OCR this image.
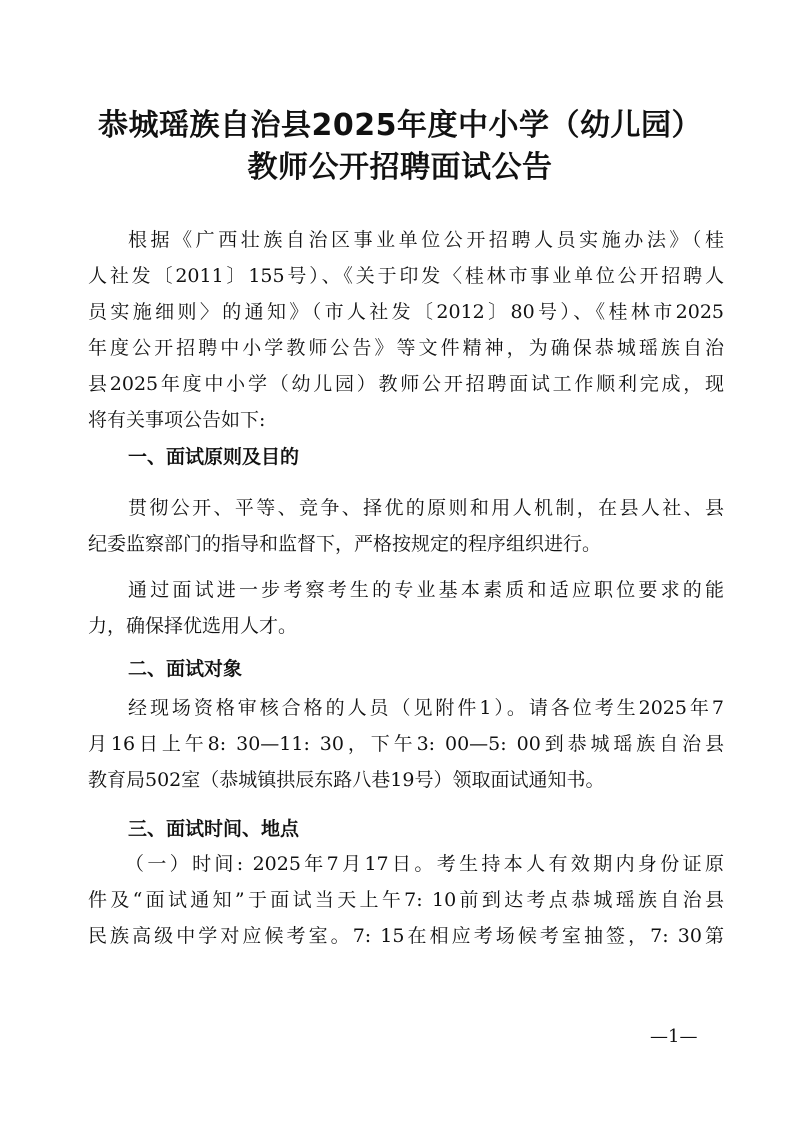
恭城瑶族自治县2025年度中小学（幼儿园）
教师公开招聘面试公告
根据《广西壮族自治区事业单位公开招聘人员实施办法》（桂
人社发〔2011〕155号）、《关于印发〈桂林市事业单位公开招聘人
员实施细则〉的通知》（市人社发〔2012〕80号）、《桂林市2025
年度公开招聘中小学教师公告》等文件精神，为确保恭城瑶族自治
县2025年度中小学（幼儿园）教师公开招聘面试工作顺利完成，现
将有关事项公告如下:
一、面试原则及目的
贯彻公开、平等、竞争、择优的原则和用人机制，在县人社、县
纪委监察部门的指导和监督下，严格按规定的程序组织进行。
通过面试进一步考察考生的专业基本素质和适应职位要求的能
力，确保择优选用人才。
二、面试对象
经现场资格审核合格的人员（见附件1）。请各位考生2025年7
月16日上午8: 30—11: 30，下午3: 00—5: 00到恭城瑶族自治县
教育局502室（恭城镇拱辰东路八巷19号）领取面试通知书。
三、面试时间、地点
（一）时间: 2025年7月17日。考生持本人有效期内身份证原
件及“面试通知”于面试当天上午7: 10前到达考点恭城瑶族自治县
民族高级中学对应候考室。7: 15在相应考场候考室抽签，7: 30第
—1—
